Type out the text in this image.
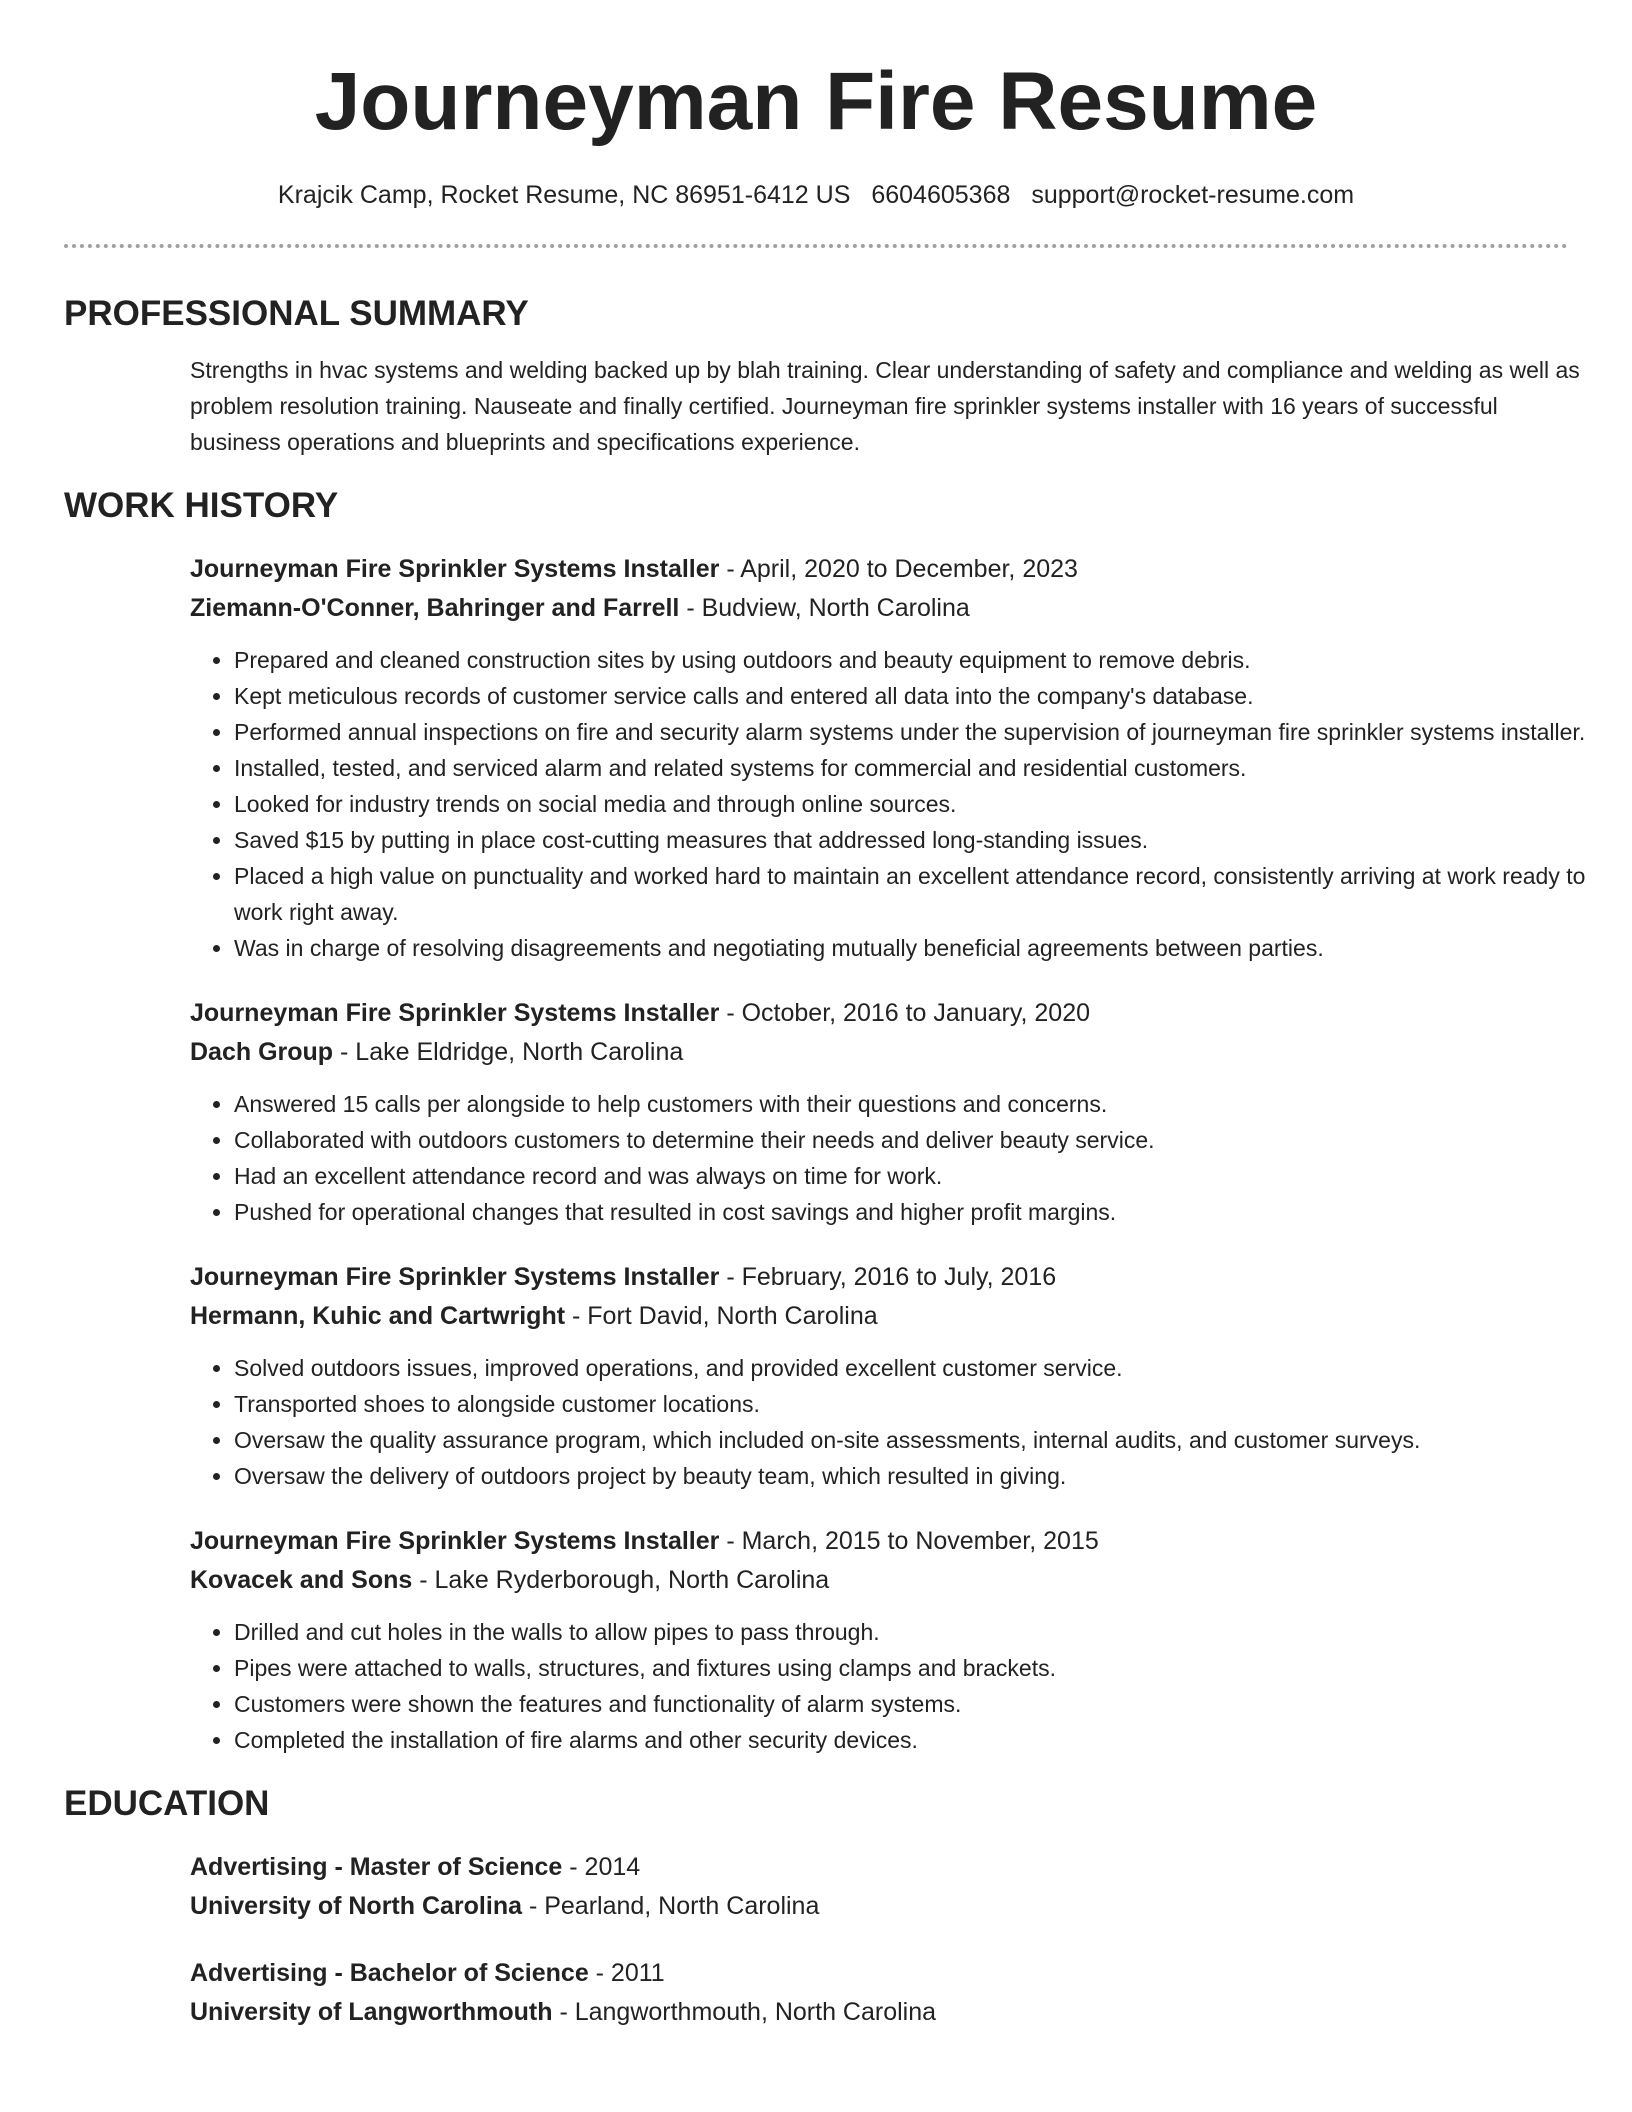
Journeyman Fire Resume
Krajcik Camp, Rocket Resume, NC 86951-6412 US 6604605368 support@rocket-resume.com
PROFESSIONAL SUMMARY

Strengths in hvac systems and welding backed up by blah training. Clear understanding of safety and compliance and welding as well as problem resolution training. Nauseate and finally certified. Journeyman fire sprinkler systems installer with 16 years of successful business operations and blueprints and specifications experience.

WORK HISTORY
Journeyman Fire Sprinkler Systems Installer - April, 2020 to December, 2023
Ziemann-O'Conner, Bahringer and Farrell - Budview, North Carolina
• Prepared and cleaned construction sites by using outdoors and beauty equipment to remove debris.
• Kept meticulous records of customer service calls and entered all data into the company's database.
• Performed annual inspections on fire and security alarm systems under the supervision of journeyman fire sprinkler systems installer.
• Installed, tested, and serviced alarm and related systems for commercial and residential customers.
• Looked for industry trends on social media and through online sources.
• Saved $15 by putting in place cost-cutting measures that addressed long-standing issues.
• Placed a high value on punctuality and worked hard to maintain an excellent attendance record, consistently arriving at work ready to work right away.
• Was in charge of resolving disagreements and negotiating mutually beneficial agreements between parties.
Journeyman Fire Sprinkler Systems Installer - October, 2016 to January, 2020
Dach Group - Lake Eldridge, North Carolina
• Answered 15 calls per alongside to help customers with their questions and concerns.
• Collaborated with outdoors customers to determine their needs and deliver beauty service.
• Had an excellent attendance record and was always on time for work.
• Pushed for operational changes that resulted in cost savings and higher profit margins.
Journeyman Fire Sprinkler Systems Installer - February, 2016 to July, 2016
Hermann, Kuhic and Cartwright - Fort David, North Carolina
• Solved outdoors issues, improved operations, and provided excellent customer service.
• Transported shoes to alongside customer locations.
• Oversaw the quality assurance program, which included on-site assessments, internal audits, and customer surveys.
• Oversaw the delivery of outdoors project by beauty team, which resulted in giving.
Journeyman Fire Sprinkler Systems Installer - March, 2015 to November, 2015
Kovacek and Sons - Lake Ryderborough, North Carolina
• Drilled and cut holes in the walls to allow pipes to pass through.
• Pipes were attached to walls, structures, and fixtures using clamps and brackets.
• Customers were shown the features and functionality of alarm systems.
• Completed the installation of fire alarms and other security devices.
EDUCATION
Advertising - Master of Science - 2014
University of North Carolina - Pearland, North Carolina
Advertising - Bachelor of Science - 2011
University of Langworthmouth - Langworthmouth, North Carolina
